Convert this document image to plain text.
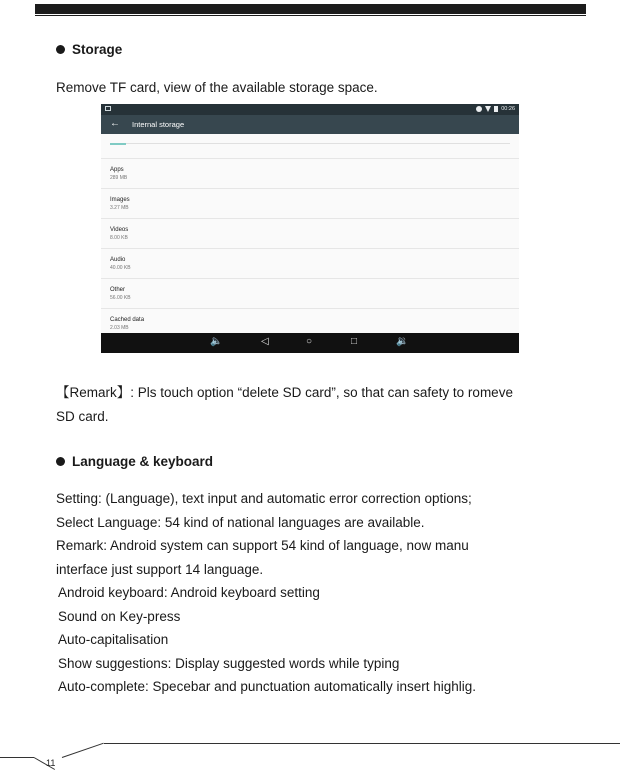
Storage
Remove TF card, view of the available storage space.
00:26
← Internal storage
Apps
289 MB
Images
3.27 MB
Videos
8.00 KB
Audio
40.00 KB
Other
56.00 KB
Cached data
2.03 MB
🔈	◁	○	□	🔉
【Remark】: Pls touch option “delete SD card”, so that can safety to romeve
SD card.
Language & keyboard
Setting: (Language), text input and automatic error correction options;
Select Language: 54 kind of national languages are available.
Remark: Android system can support 54 kind of language, now manu
interface just support 14 language.
Android keyboard: Android keyboard setting
Sound on Key-press
Auto-capitalisation
Show suggestions: Display suggested words while typing
Auto-complete: Specebar and punctuation automatically insert highlig.
11
